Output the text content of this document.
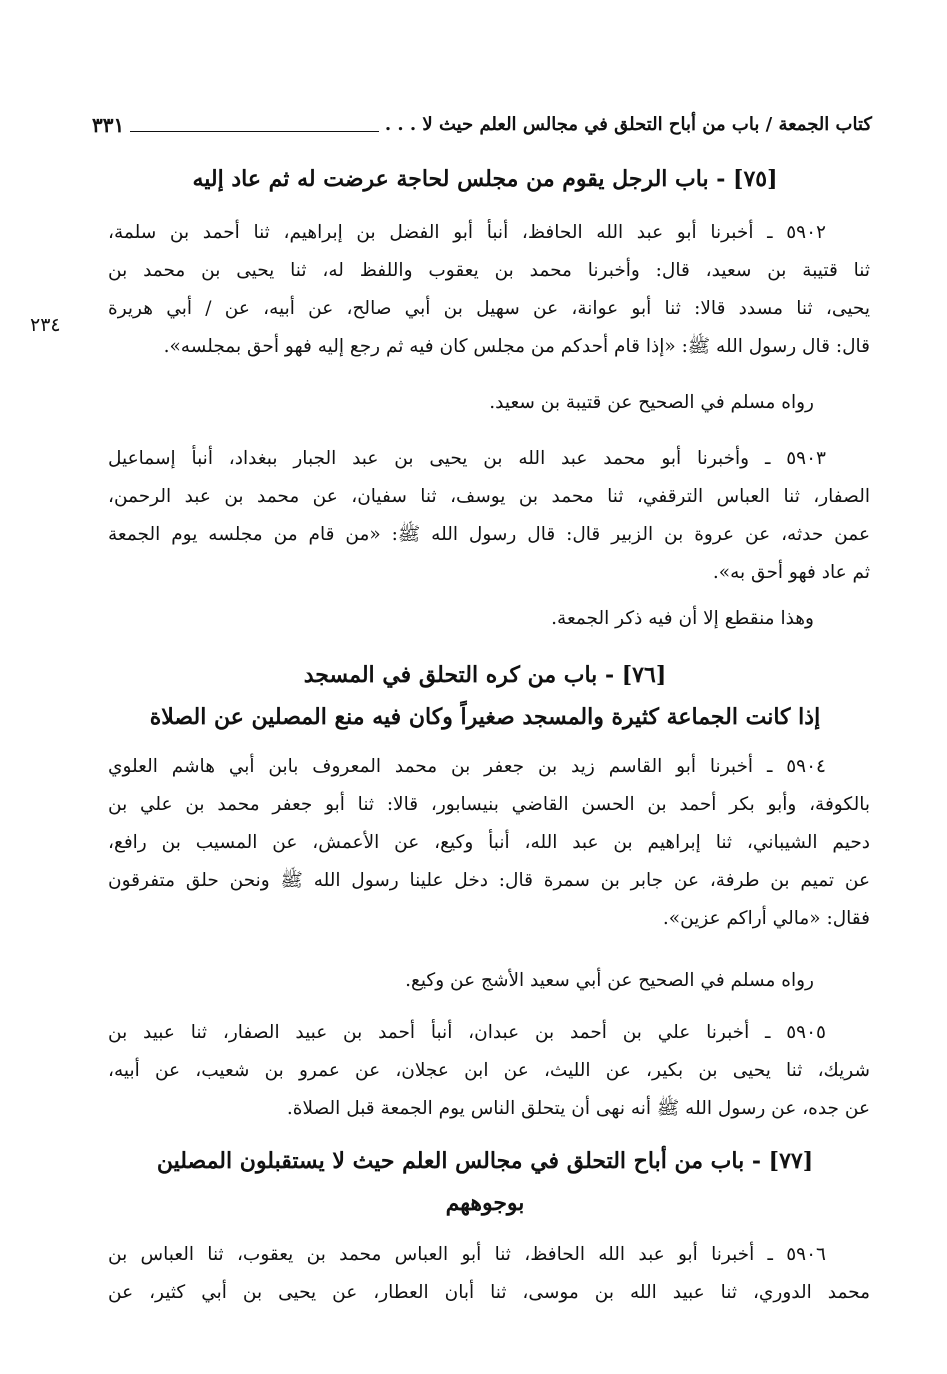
٣٣١	كتاب الجمعة / باب من أباح التحلق في مجالس العلم حيث لا . . .
[٧٥] - باب الرجل يقوم من مجلس لحاجة عرضت له ثم عاد إليه
٥٩٠٢ ـ أخبرنا أبو عبد الله الحافظ، أنبأ أبو الفضل بن إبراهيم، ثنا أحمد بن سلمة،
ثنا قتيبة بن سعيد، قال: وأخبرنا محمد بن يعقوب واللفظ له، ثنا يحيى بن محمد بن
يحيى، ثنا مسدد قالا: ثنا أبو عوانة، عن سهيل بن أبي صالح، عن أبيه، عن / أبي هريرة
قال: قال رسول الله ﷺ: «إذا قام أحدكم من مجلس كان فيه ثم رجع إليه فهو أحق بمجلسه».
٢٣٤
رواه مسلم في الصحيح عن قتيبة بن سعيد.
٥٩٠٣ ـ وأخبرنا أبو محمد عبد الله بن يحيى بن عبد الجبار ببغداد، أنبأ إسماعيل
الصفار، ثنا العباس الترقفي، ثنا محمد بن يوسف، ثنا سفيان، عن محمد بن عبد الرحمن،
عمن حدثه، عن عروة بن الزبير قال: قال رسول الله ﷺ: «من قام من مجلسه يوم الجمعة
ثم عاد فهو أحق به».
وهذا منقطع إلا أن فيه ذكر الجمعة.
[٧٦] - باب من كره التحلق في المسجد
إذا كانت الجماعة كثيرة والمسجد صغيراً وكان فيه منع المصلين عن الصلاة
٥٩٠٤ ـ أخبرنا أبو القاسم زيد بن جعفر بن محمد المعروف بابن أبي هاشم العلوي
بالكوفة، وأبو بكر أحمد بن الحسن القاضي بنيسابور، قالا: ثنا أبو جعفر محمد بن علي بن
دحيم الشيباني، ثنا إبراهيم بن عبد الله، أنبأ وكيع، عن الأعمش، عن المسيب بن رافع،
عن تميم بن طرفة، عن جابر بن سمرة قال: دخل علينا رسول الله ﷺ ونحن حلق متفرقون
فقال: «مالي أراكم عزين».
رواه مسلم في الصحيح عن أبي سعيد الأشج عن وكيع.
٥٩٠٥ ـ أخبرنا علي بن أحمد بن عبدان، أنبأ أحمد بن عبيد الصفار، ثنا عبيد بن
شريك، ثنا يحيى بن بكير، عن الليث، عن ابن عجلان، عن عمرو بن شعيب، عن أبيه،
عن جده، عن رسول الله ﷺ أنه نهى أن يتحلق الناس يوم الجمعة قبل الصلاة.
[٧٧] - باب من أباح التحلق في مجالس العلم حيث لا يستقبلون المصلين
بوجوههم
٥٩٠٦ ـ أخبرنا أبو عبد الله الحافظ، ثنا أبو العباس محمد بن يعقوب، ثنا العباس بن
محمد الدوري، ثنا عبيد الله بن موسى، ثنا أبان العطار، عن يحيى بن أبي كثير، عن
